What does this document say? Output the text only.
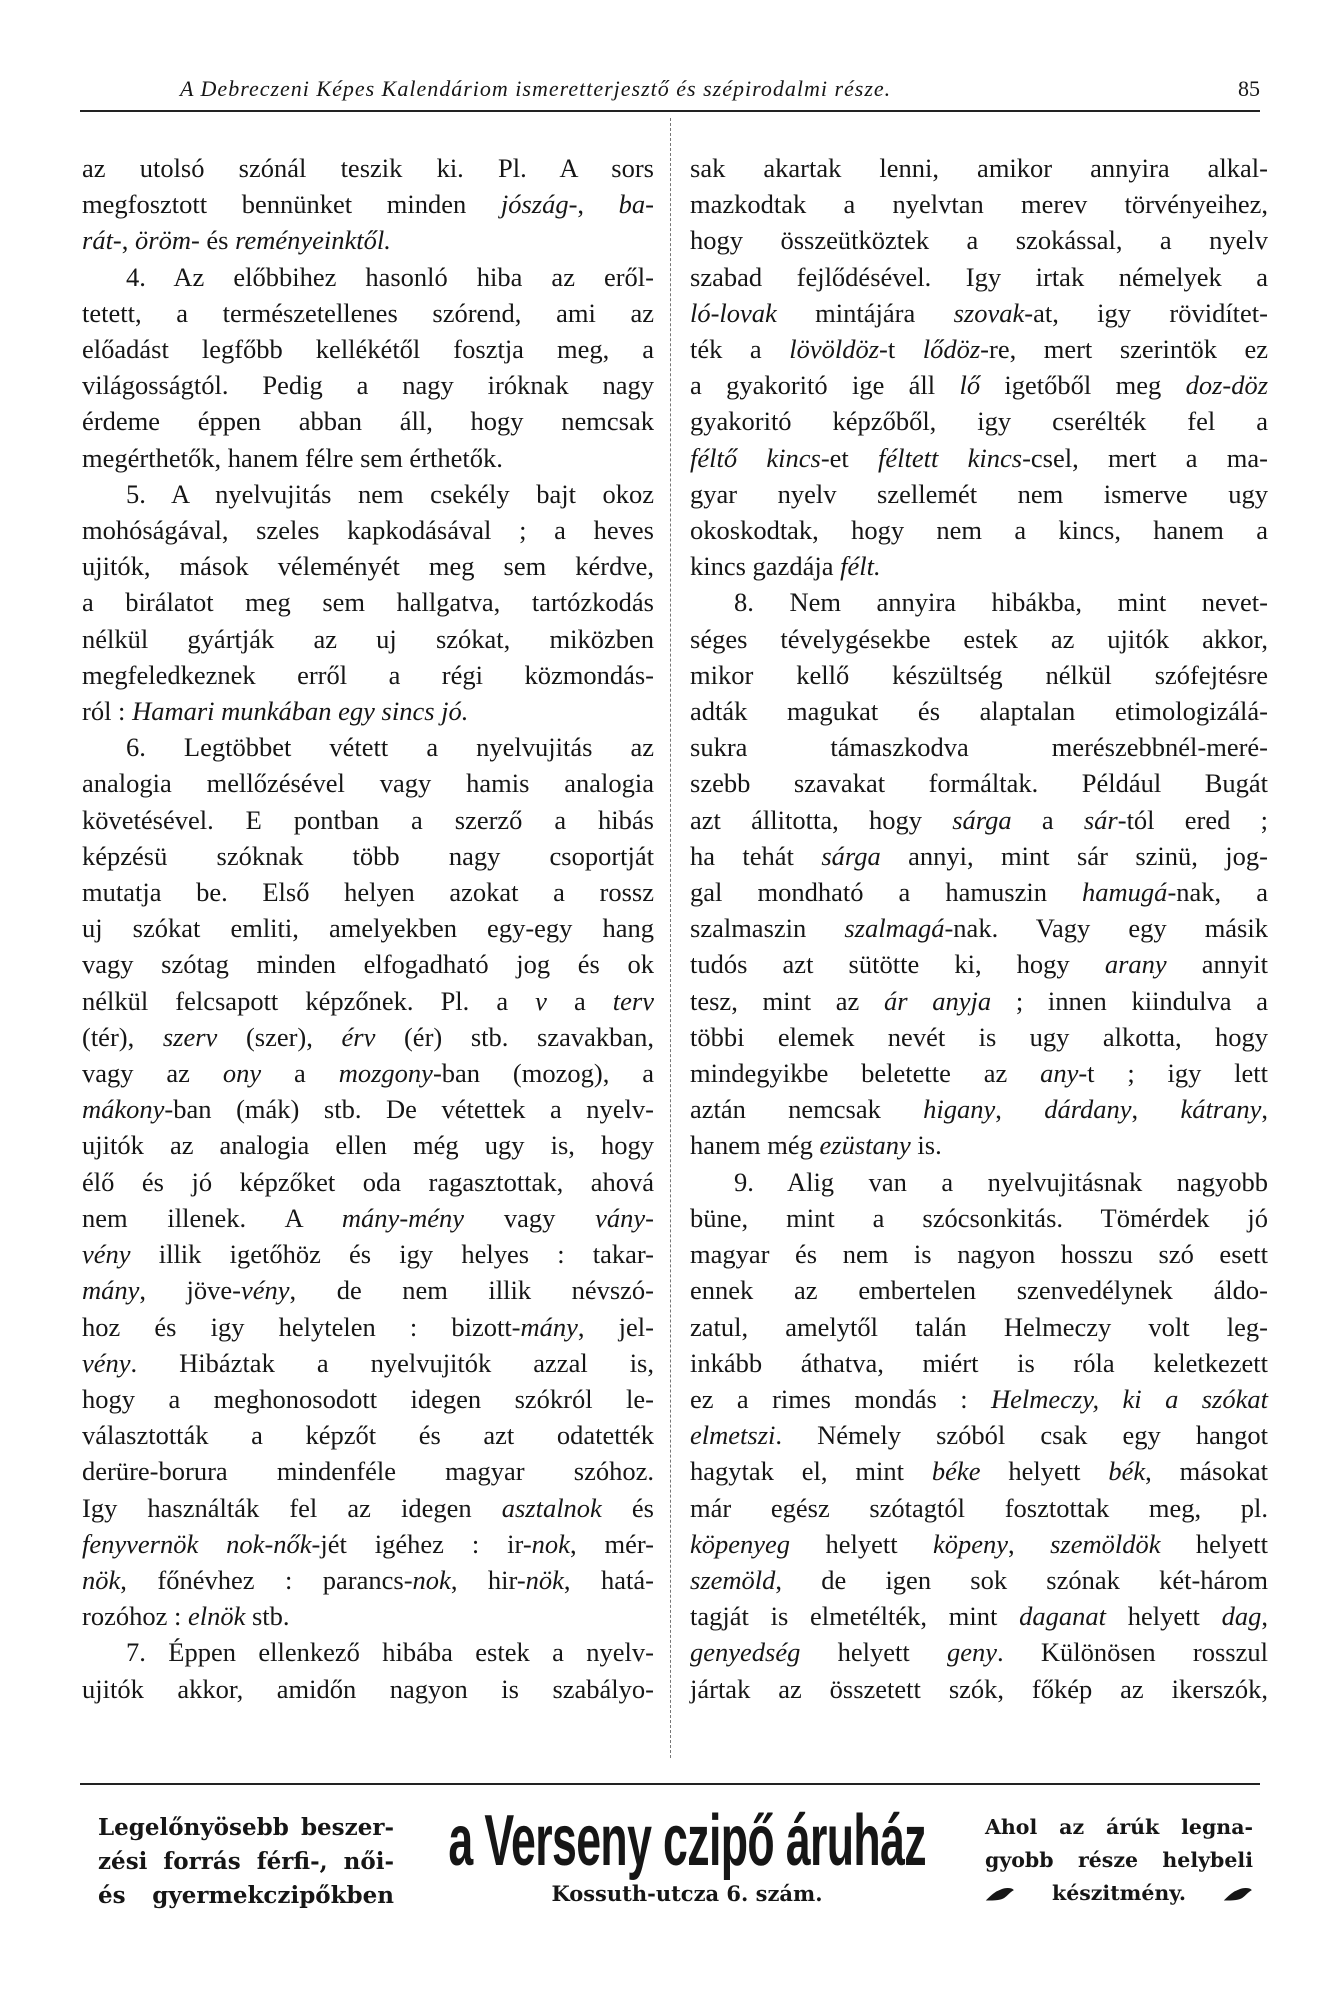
A Debreczeni Képes Kalendáriom ismeretterjesztő és szépirodalmi része.	85
az utolsó szónál teszik ki. Pl. A sors
megfosztott bennünket minden jószág-, ba-
rát-, öröm- és reményeinktől.
4. Az előbbihez hasonló hiba az eről-
tetett, a természetellenes szórend, ami az
előadást legfőbb kellékétől fosztja meg, a
világosságtól. Pedig a nagy iróknak nagy
érdeme éppen abban áll, hogy nemcsak
megérthetők, hanem félre sem érthetők.
5. A nyelvujitás nem csekély bajt okoz
mohóságával, szeles kapkodásával ; a heves
ujitók, mások véleményét meg sem kérdve,
a birálatot meg sem hallgatva, tartózkodás
nélkül gyártják az uj szókat, miközben
megfeledkeznek erről a régi közmondás-
ról : Hamari munkában egy sincs jó.
6. Legtöbbet vétett a nyelvujitás az
analogia mellőzésével vagy hamis analogia
követésével. E pontban a szerző a hibás
képzésü szóknak több nagy csoportját
mutatja be. Első helyen azokat a rossz
uj szókat emliti, amelyekben egy-egy hang
vagy szótag minden elfogadható jog és ok
nélkül felcsapott képzőnek. Pl. a v a terv
(tér), szerv (szer), érv (ér) stb. szavakban,
vagy az ony a mozgony-ban (mozog), a
mákony-ban (mák) stb. De vétettek a nyelv-
ujitók az analogia ellen még ugy is, hogy
élő és jó képzőket oda ragasztottak, ahová
nem illenek. A mány-mény vagy vány-
vény illik igetőhöz és igy helyes : takar-
mány, jöve-vény, de nem illik névszó-
hoz és igy helytelen : bizott-mány, jel-
vény. Hibáztak a nyelvujitók azzal is,
hogy a meghonosodott idegen szókról le-
választották a képzőt és azt odatették
derüre-borura mindenféle magyar szóhoz.
Igy használták fel az idegen asztalnok és
fenyvernök nok-nők-jét igéhez : ir-nok, mér-
nök, főnévhez : parancs-nok, hir-nök, hatá-
rozóhoz : elnök stb.
7. Éppen ellenkező hibába estek a nyelv-
ujitók akkor, amidőn nagyon is szabályo-
sak akartak lenni, amikor annyira alkal-
mazkodtak a nyelvtan merev törvényeihez,
hogy összeütköztek a szokással, a nyelv
szabad fejlődésével. Igy irtak némelyek a
ló-lovak mintájára szovak-at, igy rövidítet-
ték a lövöldöz-t lődöz-re, mert szerintök ez
a gyakoritó ige áll lő igetőből meg doz-döz
gyakoritó képzőből, igy cserélték fel a
féltő kincs-et féltett kincs-csel, mert a ma-
gyar nyelv szellemét nem ismerve ugy
okoskodtak, hogy nem a kincs, hanem a
kincs gazdája félt.
8. Nem annyira hibákba, mint nevet-
séges tévelygésekbe estek az ujitók akkor,
mikor kellő készültség nélkül szófejtésre
adták magukat és alaptalan etimologizálá-
sukra támaszkodva merészebbnél-meré-
szebb szavakat formáltak. Például Bugát
azt állitotta, hogy sárga a sár-tól ered ;
ha tehát sárga annyi, mint sár szinü, jog-
gal mondható a hamuszin hamugá-nak, a
szalmaszin szalmagá-nak. Vagy egy másik
tudós azt sütötte ki, hogy arany annyit
tesz, mint az ár anyja ; innen kiindulva a
többi elemek nevét is ugy alkotta, hogy
mindegyikbe beletette az any-t ; igy lett
aztán nemcsak higany, dárdany, kátrany,
hanem még ezüstany is.
9. Alig van a nyelvujitásnak nagyobb
büne, mint a szócsonkitás. Tömérdek jó
magyar és nem is nagyon hosszu szó esett
ennek az embertelen szenvedélynek áldo-
zatul, amelytől talán Helmeczy volt leg-
inkább áthatva, miért is róla keletkezett
ez a rimes mondás : Helmeczy, ki a szókat
elmetszi. Némely szóból csak egy hangot
hagytak el, mint béke helyett bék, másokat
már egész szótagtól fosztottak meg, pl.
köpenyeg helyett köpeny, szemöldök helyett
szemöld, de igen sok szónak két-három
tagját is elmetélték, mint daganat helyett dag,
genyedség helyett geny. Különösen rosszul
jártak az összetett szók, főkép az ikerszók,
Legelőnyösebb beszer-
zési forrás férfi-, női-
és gyermekczipőkben
a Verseny czipő áruház
Kossuth-utcza 6. szám.
Ahol az árúk legna-
gyobb része helybeli
készitmény.
